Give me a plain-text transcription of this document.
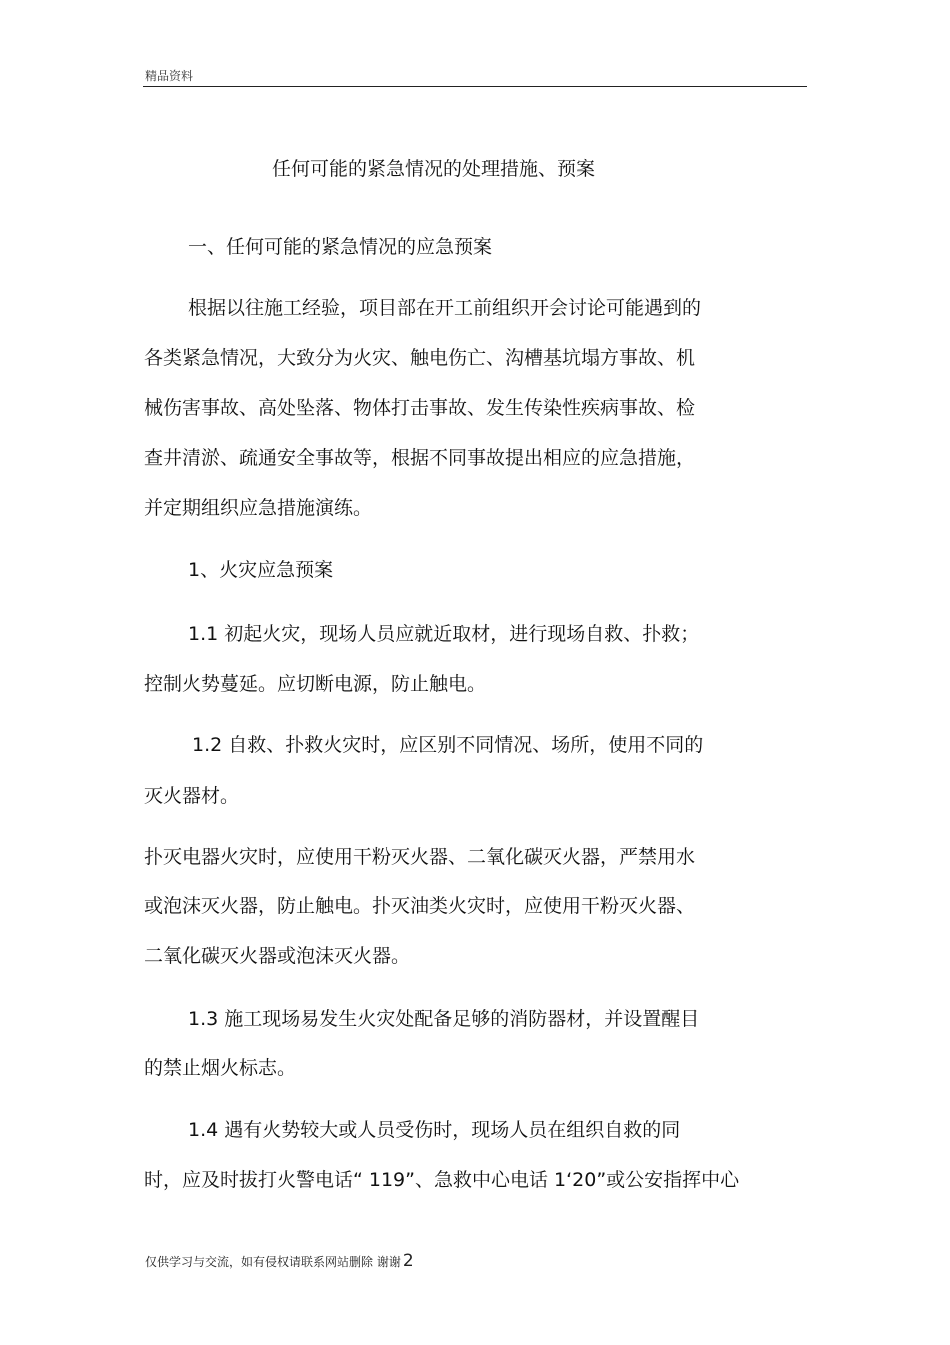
精品资料
任何可能的紧急情况的处理措施、预案
一、任何可能的紧急情况的应急预案
根据以往施工经验，项目部在开工前组织开会讨论可能遇到的
各类紧急情况，大致分为火灾、触电伤亡、沟槽基坑塌方事故、机
械伤害事故、高处坠落、物体打击事故、发生传染性疾病事故、检
查井清淤、疏通安全事故等，根据不同事故提出相应的应急措施，
并定期组织应急措施演练。
1、火灾应急预案
1.1 初起火灾，现场人员应就近取材，进行现场自救、扑救；
控制火势蔓延。应切断电源，防止触电。
1.2 自救、扑救火灾时，应区别不同情况、场所，使用不同的
灭火器材。
扑灭电器火灾时，应使用干粉灭火器、二氧化碳灭火器，严禁用水
或泡沫灭火器，防止触电。扑灭油类火灾时，应使用干粉灭火器、
二氧化碳灭火器或泡沫灭火器。
1.3 施工现场易发生火灾处配备足够的消防器材，并设置醒目
的禁止烟火标志。
1.4 遇有火势较大或人员受伤时，现场人员在组织自救的同
时，应及时拔打火警电话“ 119”、急救中心电话 1‘20”或公安指挥中心
仅供学习与交流，如有侵权请联系网站删除 谢谢 2
